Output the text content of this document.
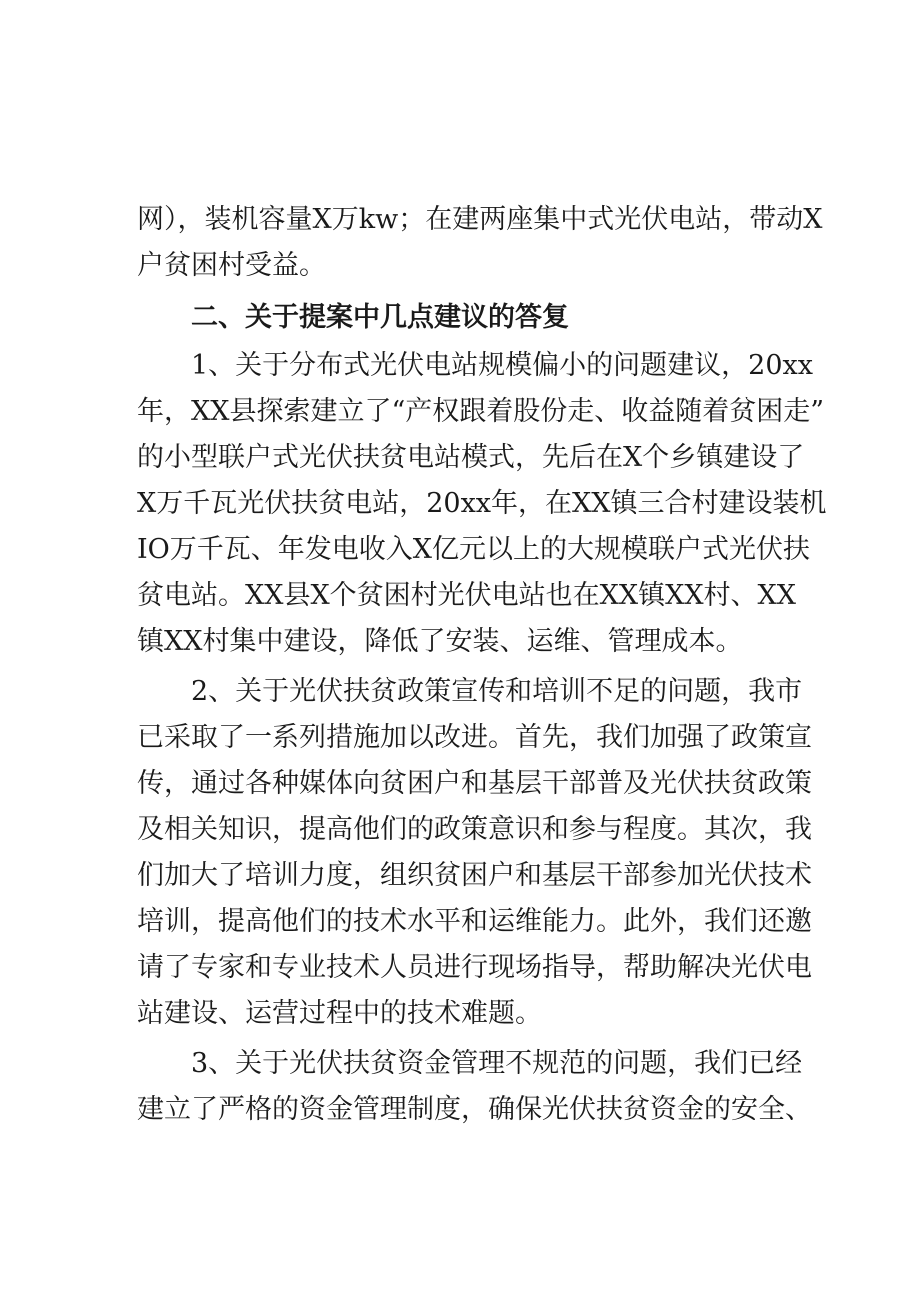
网），装机容量X万kw；在建两座集中式光伏电站，带动X
户贫困村受益。
二、关于提案中几点建议的答复
1、关于分布式光伏电站规模偏小的问题建议，20xx
年，XX县探索建立了“产权跟着股份走、收益随着贫困走”
的小型联户式光伏扶贫电站模式，先后在X个乡镇建设了
X万千瓦光伏扶贫电站，20xx年，在XX镇三合村建设装机
IO万千瓦、年发电收入X亿元以上的大规模联户式光伏扶
贫电站。XX县X个贫困村光伏电站也在XX镇XX村、XX
镇XX村集中建设，降低了安装、运维、管理成本。
2、关于光伏扶贫政策宣传和培训不足的问题，我市
已采取了一系列措施加以改进。首先，我们加强了政策宣
传，通过各种媒体向贫困户和基层干部普及光伏扶贫政策
及相关知识，提高他们的政策意识和参与程度。其次，我
们加大了培训力度，组织贫困户和基层干部参加光伏技术
培训，提高他们的技术水平和运维能力。此外，我们还邀
请了专家和专业技术人员进行现场指导，帮助解决光伏电
站建设、运营过程中的技术难题。
3、关于光伏扶贫资金管理不规范的问题，我们已经
建立了严格的资金管理制度，确保光伏扶贫资金的安全、
